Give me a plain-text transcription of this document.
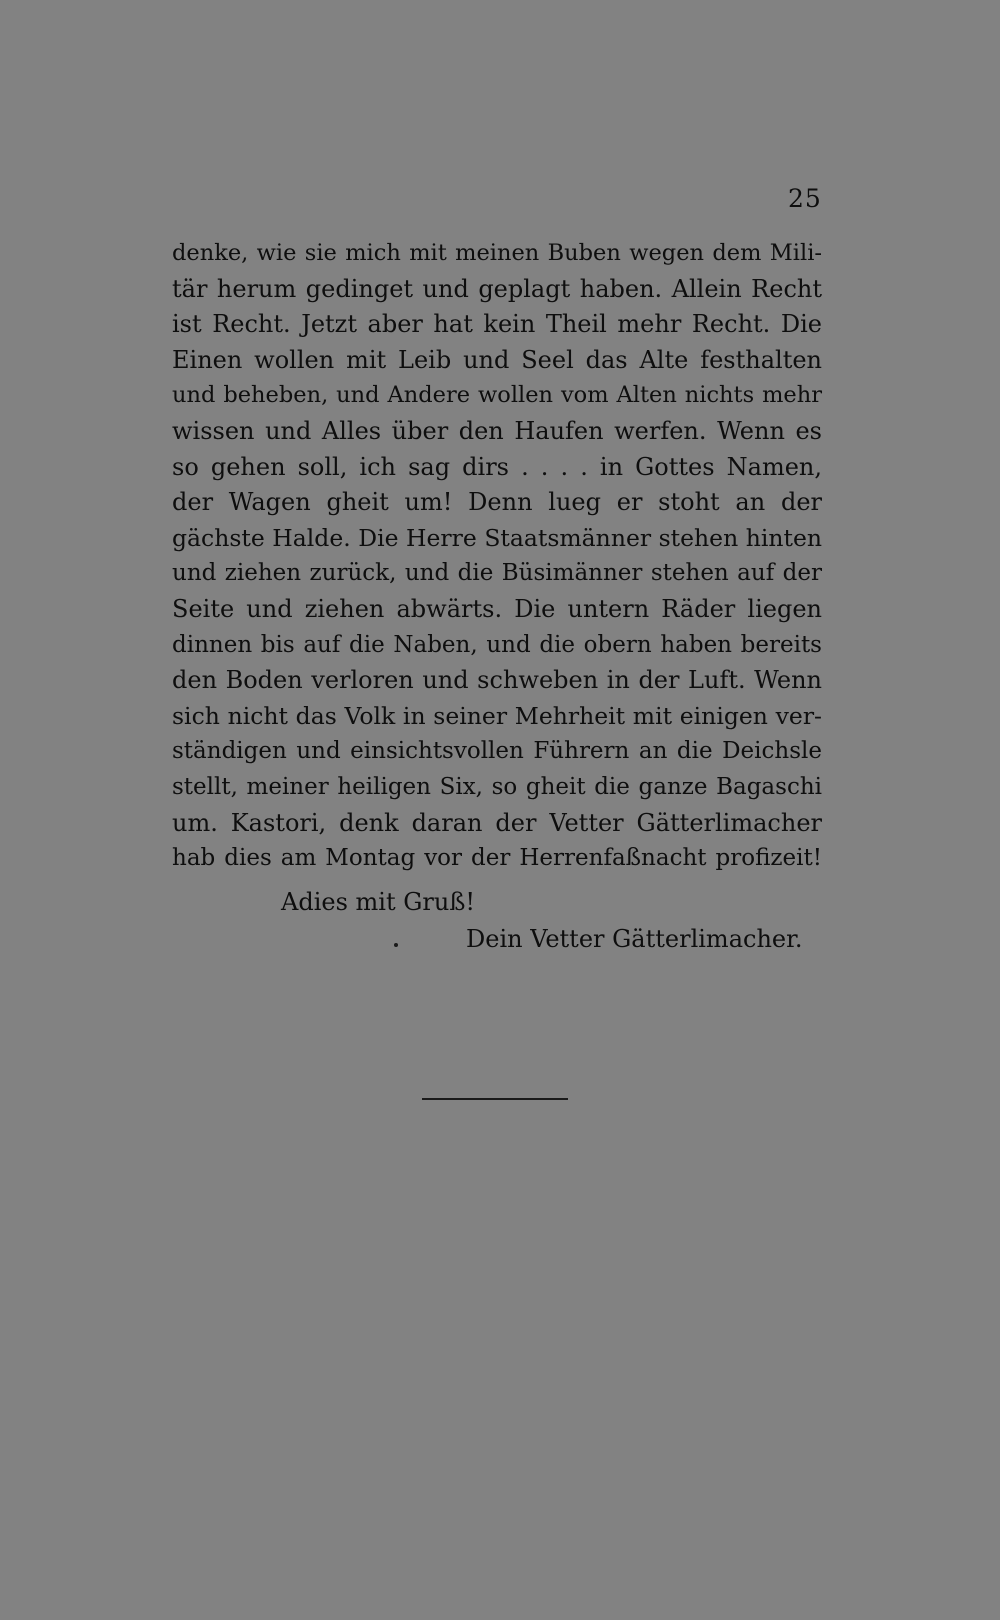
25
denke, wie sie mich mit meinen Buben wegen dem Mili-
tär herum gedinget und geplagt haben. Allein Recht
ist Recht. Jetzt aber hat kein Theil mehr Recht. Die
Einen wollen mit Leib und Seel das Alte festhalten
und beheben, und Andere wollen vom Alten nichts mehr
wissen und Alles über den Haufen werfen. Wenn es
so gehen soll, ich sag dirs . . . . in Gottes Namen,
der Wagen gheit um! Denn lueg er stoht an der
gächste Halde. Die Herre Staatsmänner stehen hinten
und ziehen zurück, und die Büsimänner stehen auf der
Seite und ziehen abwärts. Die untern Räder liegen
dinnen bis auf die Naben, und die obern haben bereits
den Boden verloren und schweben in der Luft. Wenn
sich nicht das Volk in seiner Mehrheit mit einigen ver-
ständigen und einsichtsvollen Führern an die Deichsle
stellt, meiner heiligen Six, so gheit die ganze Bagaschi
um. Kastori, denk daran der Vetter Gätterlimacher
hab dies am Montag vor der Herrenfaßnacht profizeit!
Adies mit Gruß!
Dein Vetter Gätterlimacher.
